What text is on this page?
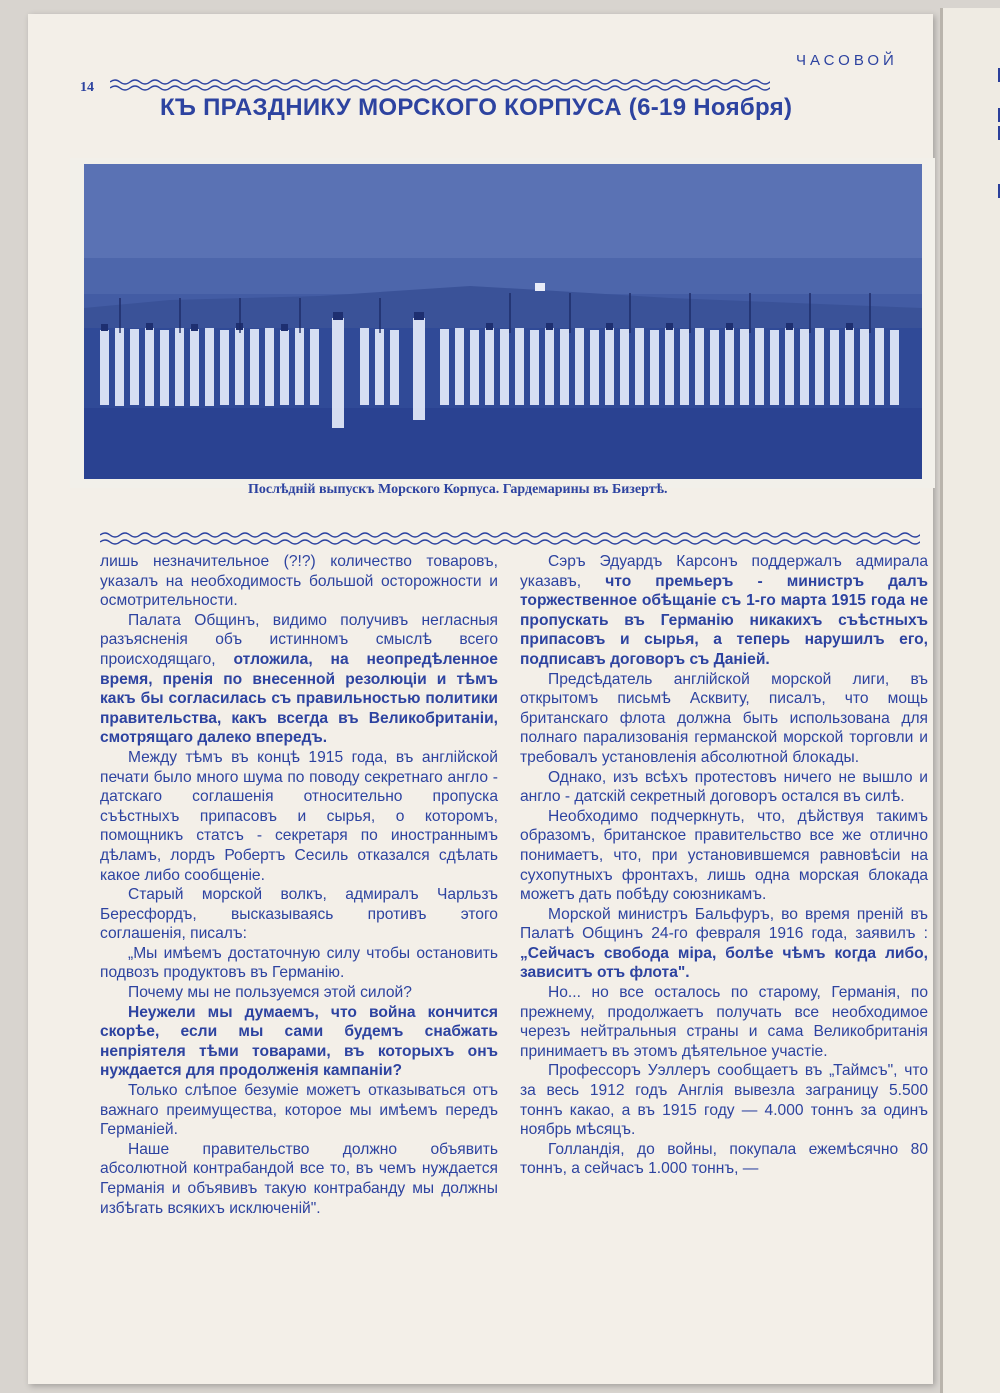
14
ЧАСОВОЙ
КЪ ПРАЗДНИКУ МОРСКОГО КОРПУСА (6-19 Ноября)
Послѣдній выпускъ Морского Корпуса. Гардемарины въ Бизертѣ.

лишь незначительное (?!?) количество товаровъ, указалъ на необходимость большой осторожности и осмотрительности.

Палата Общинъ, видимо получивъ негласныя разъясненія объ истинномъ смыслѣ всего происходящаго, отложила, на неопредѣленное время, пренія по внесенной резолюціи и тѣмъ какъ бы согласилась съ правильностью политики правительства, какъ всегда въ Великобританіи, смотрящаго далеко впередъ.

Между тѣмъ въ концѣ 1915 года, въ англійской печати было много шума по поводу секретнаго англо - датскаго соглашенія относительно пропуска съѣстныхъ припасовъ и сырья, о которомъ, помощникъ статсъ - секретаря по иностраннымъ дѣламъ, лордъ Робертъ Сесиль отказался сдѣлать какое либо сообщеніе.

Старый морской волкъ, адмиралъ Чарльзъ Бересфордъ, высказываясь противъ этого соглашенія, писалъ:

„Мы имѣемъ достаточную силу чтобы остановить подвозъ продуктовъ въ Германію.

Почему мы не пользуемся этой силой?

Неужели мы думаемъ, что война кончится скорѣе, если мы сами будемъ снабжать непріятеля тѣми товарами, въ которыхъ онъ нуждается для продолженія кампаніи?

Только слѣпое безуміе можетъ отказываться отъ важнаго преимущества, которое мы имѣемъ передъ Германіей.

Наше правительство должно объявить абсолютной контрабандой все то, въ чемъ нуждается Германія и объявивъ такую контрабанду мы должны избѣгать всякихъ исключеній".

Сэръ Эдуардъ Карсонъ поддержалъ адмирала указавъ, что премьеръ - министръ далъ торжественное обѣщаніе съ 1-го марта 1915 года не пропускать въ Германію никакихъ съѣстныхъ припасовъ и сырья, а теперь нарушилъ его, подписавъ договоръ съ Даніей.

Предсѣдатель англійской морской лиги, въ открытомъ письмѣ Асквиту, писалъ, что мощь британскаго флота должна быть использована для полнаго парализованія германской морской торговли и требовалъ установленія абсолютной блокады.

Однако, изъ всѣхъ протестовъ ничего не вышло и англо - датскій секретный договоръ остался въ силѣ.

Необходимо подчеркнуть, что, дѣйствуя такимъ образомъ, британское правительство все же отлично понимаетъ, что, при установившемся равновѣсіи на сухопутныхъ фронтахъ, лишь одна морская блокада можетъ дать побѣду союзникамъ.

Морской министръ Бальфуръ, во время преній въ Палатѣ Общинъ 24-го февраля 1916 года, заявилъ : „Сейчасъ свобода міра, болѣе чѣмъ когда либо, зависитъ отъ флота".

Но... но все осталось по старому, Германія, по прежнему, продолжаетъ получать все необходимое черезъ нейтральныя страны и сама Великобританія принимаетъ въ этомъ дѣятельное участіе.

Профессоръ Уэллеръ сообщаетъ въ „Таймсъ", что за весь 1912 годъ Англія вывезла заграницу 5.500 тоннъ какао, а въ 1915 году — 4.000 тоннъ за одинъ ноябрь мѣсяцъ.

Голландія, до войны, покупала ежемѣсячно 80 тоннъ, а сейчасъ 1.000 тоннъ, —
